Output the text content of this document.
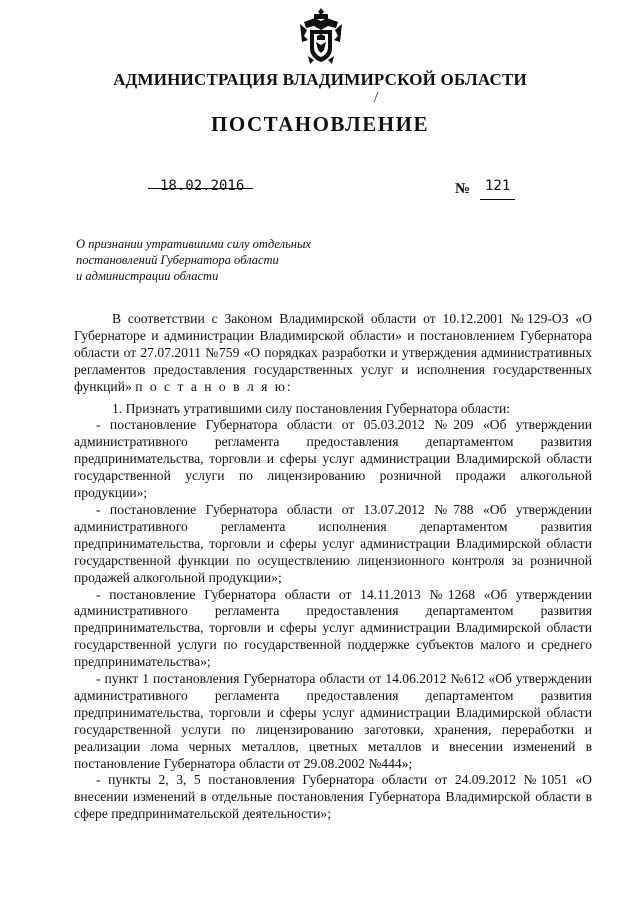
АДМИНИСТРАЦИЯ ВЛАДИМИРСКОЙ ОБЛАСТИ
ПОСТАНОВЛЕНИЕ
18.02.2016	№ 121
О признании утратившими силу отдельных
постановлений Губернатора области
и администрации области

В соответствии с Законом Владимирской области от 10.12.2001 №129-ОЗ «О Губернаторе и администрации Владимирской области» и постановлением Губернатора области от 27.07.2011 №759 «О порядках разработки и утверждения административных регламентов предоставления государственных услуг и исполнения государственных функций» п о с т а н о в л я ю:

1. Признать утратившими силу постановления Губернатора области:

- постановление Губернатора области от 05.03.2012 №209 «Об утверждении административного регламента предоставления департаментом развития предпринимательства, торговли и сферы услуг администрации Владимирской области государственной услуги по лицензированию розничной продажи алкогольной продукции»;

- постановление Губернатора области от 13.07.2012 №788 «Об утверждении административного регламента исполнения департаментом развития предпринимательства, торговли и сферы услуг администрации Владимирской области государственной функции по осуществлению лицензионного контроля за розничной продажей алкогольной продукции»;

- постановление Губернатора области от 14.11.2013 №1268 «Об утверждении административного регламента предоставления департаментом развития предпринимательства, торговли и сферы услуг администрации Владимирской области государственной услуги по государственной поддержке субъектов малого и среднего предпринимательства»;

- пункт 1 постановления Губернатора области от 14.06.2012 №612 «Об утверждении административного регламента предоставления департаментом развития предпринимательства, торговли и сферы услуг администрации Владимирской области государственной услуги по лицензированию заготовки, хранения, переработки и реализации лома черных металлов, цветных металлов и внесении изменений в постановление Губернатора области от 29.08.2002 №444»;

- пункты 2, 3, 5 постановления Губернатора области от 24.09.2012 №1051 «О внесении изменений в отдельные постановления Губернатора Владимирской области в сфере предпринимательской деятельности»;
